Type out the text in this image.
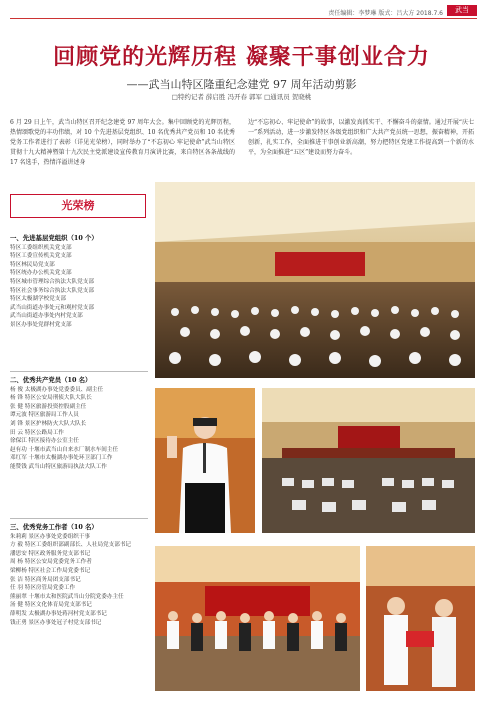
责任编辑：李梦琳 版式：吕大方 2018.7.6	武当
回顾党的光辉历程 凝聚干事创业合力
——武当山特区隆重纪念建党 97 周年活动剪影
□特约记者 薛启胜 冯开春 郭军 □通讯员 贺晓桃
6 月 29 日上午，武当山特区召开纪念建党 97 周年大会。集中回顾党的光辉历程，热情颂歌党的丰功伟绩，对 10 个先进基层党组织、10 名优秀共产党员和 10 名优秀党务工作者进行了表彰（详见光荣榜），同时举办了“不忘初心 牢记使命”武当山特区贯彻十九大精神暨第十九次民主党派建设宣传教育月演讲比赛，来自特区各条战线的 17 名选手，热情洋溢讲述身
边“不忘初心、牢记使命”的故事，以激发真抓实干、不懈奋斗的豪情。通过开展“庆七一”系列活动，进一步激发特区各级党组织和广大共产党员统一思想，振奋精神，开拓创新，扎实工作，全面推进干事创业新高潮，努力把特区党建工作提高到一个新的水平，为全面推进“五区”建设而努力奋斗。
光荣榜
一、先进基层党组织（10 个）
特区工委组织机关党支部
特区工委宣传机关党支部
特区林民局党支部
特区统办办公机关党支部
特区城市管理综合执法大队党支部
特区社会事务综合执法大队党支部
特区太极湖学校党支部
武当山街道办事处元和观村党支部
武当山街道办事处内村党支部
景区办事处党群村党支部
二、优秀共产党员（10 名）
杨 俊 太极湖办事处党委委员、副主任
杨 锋 特区公安局刑侦大队大队长
张 健 特区旅游投资控股副主任
谭元波 特区旅游局工作人员
刘 锋 景区护林防火大队大队长
田 云 特区公路局工作
徐保江 特区接待办公室主任
赵有功 十堰市武当山自来水厂制水车间主任
邓红军 十堰市太极湖办事处环卫部门工作
能赞钱 武当山特区旅游局执法大队工作
三、优秀党务工作者（10 名）
朱莉莉 景区办事处党委组织干事
方 毅 特区工委组织部副部长、人社局党支部书记
潘思安 特区政务服务党支部书记
周 杨 特区公安局党委党务工作者
梁柳杨 特区社会工作局党委书记
张 洁 特区商务局团支部书记
任 羽 特区房管局党委工作
熊丽翠 十堰市太和医院武当山分院党委办主任
汤 健 特区文化体育局党支部书记
薛明发 太极湖办事处蒋河村党支部书记
钱正勇 景区办事处冠子村党支部书记
